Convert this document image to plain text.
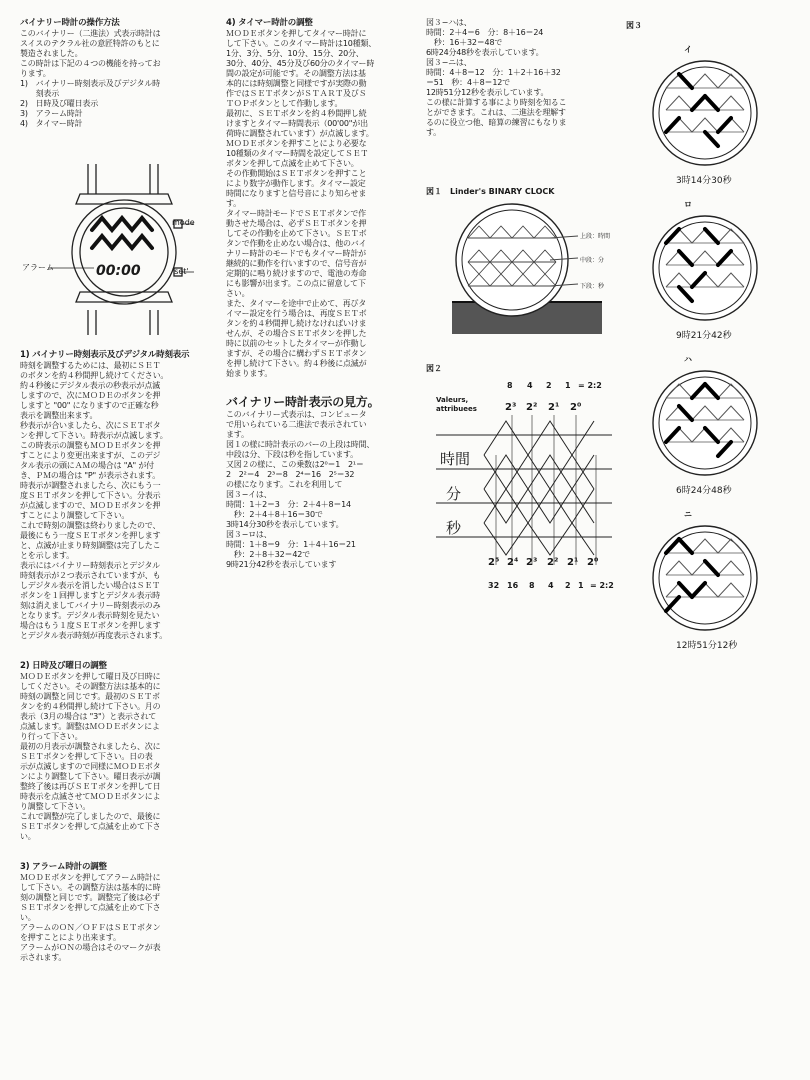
バイナリー時計の操作方法

このバイナリー（二進法）式表示時計は

スイスのテクラル社の意匠特許のもとに

製造されました。

この時計は下記の４つの機能を持ってお

ります。

1)　バイナリー時刻表示及びデジタル時

　　刻表示

2)　日時及び曜日表示

3)　アラーム時計

4)　タイマー時計

00:00
mode
'set'
アラーム

1) バイナリー時刻表示及びデジタル時刻表示

時刻を調整するためには、最初にＳＥＴ

のボタンを約４秒間押し続けてください。

約４秒後にデジタル表示の秒表示が点滅

しますので、次にＭＯＤＥのボタンを押

しますと "00" になりますので正確な秒

表示を調整出来ます。

秒表示が合いましたら、次にＳＥＴボタ

ンを押して下さい。時表示が点滅します。

この時表示の調整もＭＯＤＥボタンを押

すことにより変更出来ますが、このデジ

タル表示の頭にＡＭの場合は "A" が付

き、ＰＭの場合は "P" が表示されます。

時表示が調整されましたら、次にもう一

度ＳＥＴボタンを押して下さい。分表示

が点滅しますので、ＭＯＤＥボタンを押

すことにより調整して下さい。

これで時刻の調整は終わりましたので、

最後にもう一度ＳＥＴボタンを押します

と、点滅が止まり時刻調整は完了したこ

とを示します。

表示にはバイナリー時刻表示とデジタル

時刻表示が２つ表示されていますが、も

しデジタル表示を消したい場合はＳＥＴ

ボタンを１回押しますとデジタル表示時

刻は消えましてバイナリー時刻表示のみ

となります。デジタル表示時刻を見たい

場合はもう１度ＳＥＴボタンを押します

とデジタル表示時刻が再度表示されます。

2) 日時及び曜日の調整

ＭＯＤＥボタンを押して曜日及び日時に

してください。その調整方法は基本的に

時刻の調整と同じです。最初のＳＥＴボ

タンを約４秒間押し続けて下さい。月の

表示（3月の場合は "3"）と表示されて

点滅します。調整はＭＯＤＥボタンによ

り行って下さい。

最初の月表示が調整されましたら、次に

ＳＥＴボタンを押して下さい。日の表

示が点滅しますので同様にＭＯＤＥボタ

ンにより調整して下さい。曜日表示が調

整終了後は再びＳＥＴボタンを押して日

時表示を点滅させてＭＯＤＥボタンによ

り調整して下さい。

これで調整が完了しましたので、最後に

ＳＥＴボタンを押して点滅を止めて下さ

い。

3) アラーム時計の調整

ＭＯＤＥボタンを押してアラーム時計に

して下さい。その調整方法は基本的に時

刻の調整と同じです。調整完了後は必ず

ＳＥＴボタンを押して点滅を止めて下さ

い。

アラームのＯＮ／ＯＦＦはＳＥＴボタン

を押すことにより出来ます。

アラームがＯＮの場合はそのマークが表

示されます。

4) タイマー時計の調整

ＭＯＤＥボタンを押してタイマー時計に

して下さい。このタイマー時計は10種類、

1分、3分、5分、10分、15分、20分、

30分、40分、45分及び60分のタイマー時

間の設定が可能です。その調整方法は基

本的には時刻調整と同様ですが実際の動

作ではＳＥＴボタンがＳＴＡＲＴ及びＳ

ＴＯＰボタンとして作動します。

最初に、ＳＥＴボタンを約４秒間押し続

けますとタイマー時間表示（00'00"が出

荷時に調整されています）が点滅します。

ＭＯＤＥボタンを押すことにより必要な

10種類のタイマー時間を設定してＳＥＴ

ボタンを押して点滅を止めて下さい。

その作動開始はＳＥＴボタンを押すこと

により数字が動作します。タイマー設定

時間になりますと信号音により知らせま

す。

タイマー時計モードでＳＥＴボタンで作

動させた場合は、必ずＳＥＴボタンを押

してその作動を止めて下さい。ＳＥＴボ

タンで作動を止めない場合は、他のバイ

ナリー時計のモードでもタイマー時計が

継続的に動作を行いますので、信号音が

定期的に鳴り続けますので、電池の寿命

にも影響が出ます。この点に留意して下

さい。

また、タイマーを途中で止めて、再びタ

イマー設定を行う場合は、再度ＳＥＴボ

タンを約４秒間押し続けなければいけま

せんが、その場合ＳＥＴボタンを押した

時に以前のセットしたタイマーが作動し

ますが、その場合に構わずＳＥＴボタン

を押し続けて下さい。約４秒後に点滅が

始まります。

バイナリー時計表示の見方。

このバイナリー式表示は、コンピュータ

で用いられている二進法で表示されてい

ます。

図１の様に時計表示のバーの上段は時間、

中段は分、下段は秒を指しています。

又図２の様に、この乗数は2⁰＝1　2¹＝

2　2²＝4　2³＝8　2⁴＝16　2⁵＝32

の様になります。これを利用して

図３−イは、

時間：1＋2＝3　分：2＋4＋8＝14

　秒：2＋4＋8＋16＝30で

3時14分30秒を表示しています。

図３−ロは、

時間：1＋8＝9　分：1＋4＋16＝21

　秒：2＋8＋32＝42で

9時21分42秒を表示しています

図３−ハは、

時間：2＋4＝6　分：8＋16＝24

　秒：16＋32＝48で

6時24分48秒を表示しています。

図３−ニは、

時間：4＋8＝12　分：1＋2＋16＋32

＝51　秒：4＋8＝12で

12時51分12秒を表示しています。

この様に計算する事により時刻を知るこ

とができます。これは、二進法を理解す

るのに役立つ他、暗算の練習にもなりま

す。

図１　Linder's BINARY CLOCK
上段：時間
中段：分
下段：秒
図２
Valeurs,
attribuees
8 4 2 1 = 2:2
2³ 2² 2¹ 2⁰
時間
分
秒
2⁵ 2⁴ 2³ 2² 2¹ 2⁰
32 16 8 4 2 1 = 2:2
図３
イ
3時14分30秒
ロ
9時21分42秒
ハ
6時24分48秒
ニ
12時51分12秒
